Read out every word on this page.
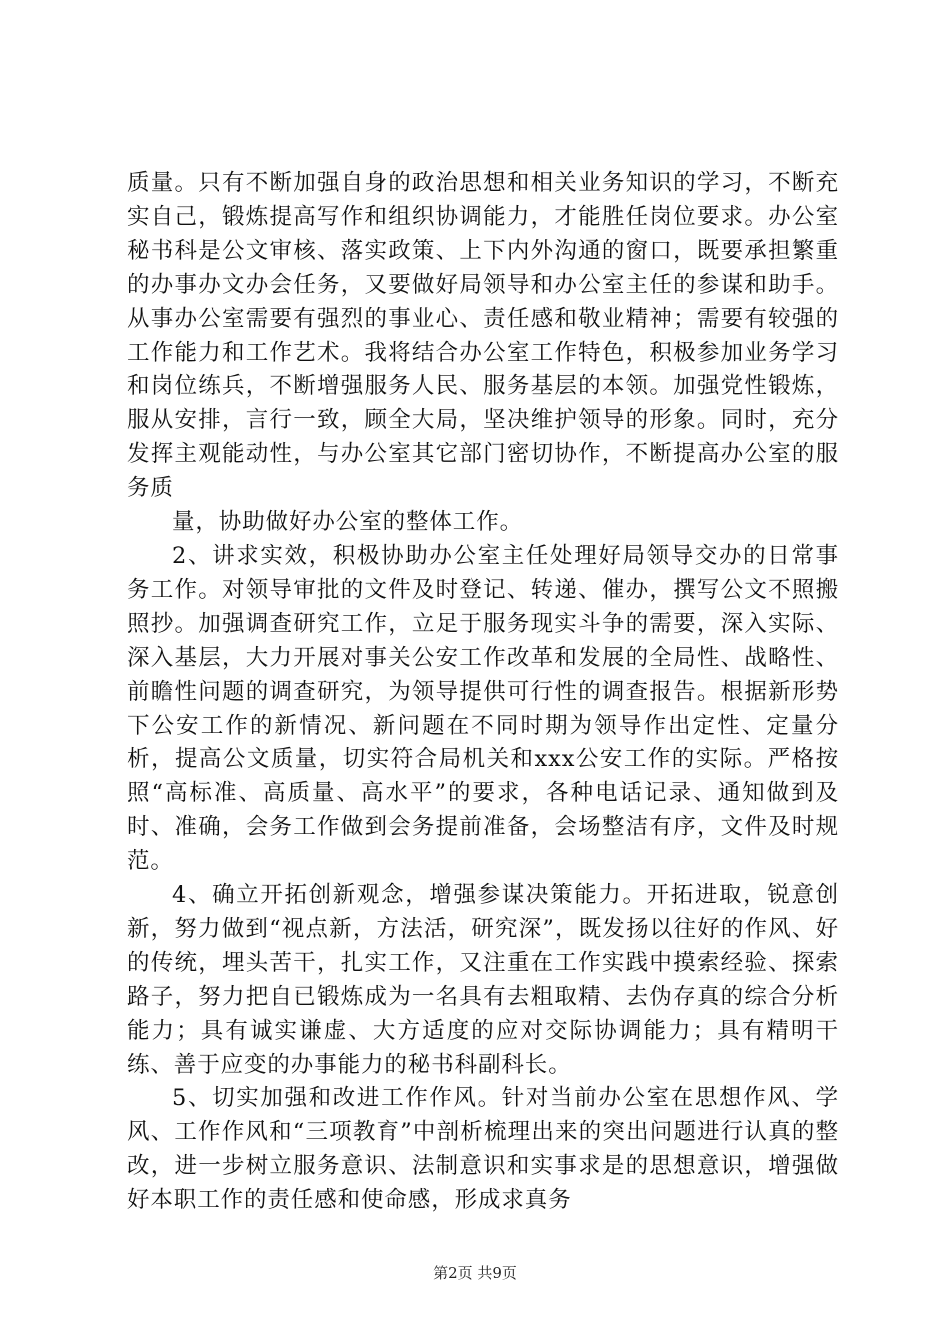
质量。只有不断加强自身的政治思想和相关业务知识的学习，不断充实自己，锻炼提高写作和组织协调能力，才能胜任岗位要求。办公室秘书科是公文审核、落实政策、上下内外沟通的窗口，既要承担繁重的办事办文办会任务，又要做好局领导和办公室主任的参谋和助手。从事办公室需要有强烈的事业心、责任感和敬业精神；需要有较强的工作能力和工作艺术。我将结合办公室工作特色，积极参加业务学习和岗位练兵，不断增强服务人民、服务基层的本领。加强党性锻炼，服从安排，言行一致，顾全大局，坚决维护领导的形象。同时，充分发挥主观能动性，与办公室其它部门密切协作，不断提高办公室的服务质

量，协助做好办公室的整体工作。

2、讲求实效，积极协助办公室主任处理好局领导交办的日常事务工作。对领导审批的文件及时登记、转递、催办，撰写公文不照搬照抄。加强调查研究工作，立足于服务现实斗争的需要，深入实际、深入基层，大力开展对事关公安工作改革和发展的全局性、战略性、前瞻性问题的调查研究，为领导提供可行性的调查报告。根据新形势下公安工作的新情况、新问题在不同时期为领导作出定性、定量分析，提高公文质量，切实符合局机关和xxx公安工作的实际。严格按照“高标准、高质量、高水平”的要求，各种电话记录、通知做到及时、准确，会务工作做到会务提前准备，会场整洁有序，文件及时规范。

4、确立开拓创新观念，增强参谋决策能力。开拓进取，锐意创新，努力做到“视点新，方法活，研究深”，既发扬以往好的作风、好的传统，埋头苦干，扎实工作，又注重在工作实践中摸索经验、探索路子，努力把自已锻炼成为一名具有去粗取精、去伪存真的综合分析能力；具有诚实谦虚、大方适度的应对交际协调能力；具有精明干练、善于应变的办事能力的秘书科副科长。

5、切实加强和改进工作作风。针对当前办公室在思想作风、学风、工作作风和“三项教育”中剖析梳理出来的突出问题进行认真的整改，进一步树立服务意识、法制意识和实事求是的思想意识，增强做好本职工作的责任感和使命感，形成求真务

第2页 共9页
